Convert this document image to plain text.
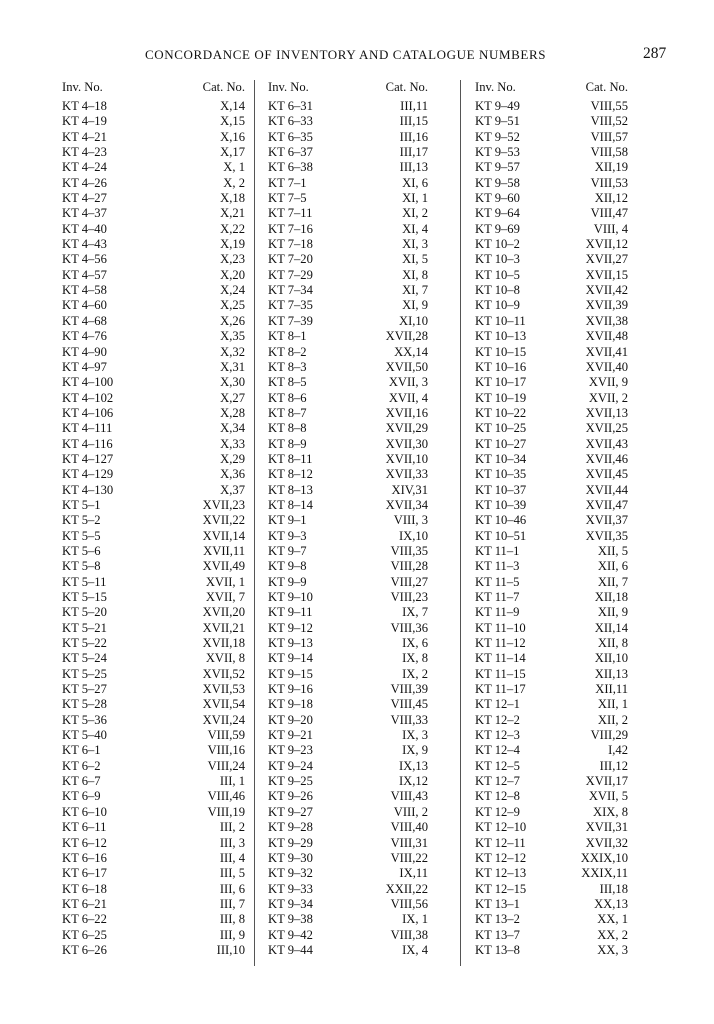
CONCORDANCE OF INVENTORY AND CATALOGUE NUMBERS	287
Inv. No.	Cat. No.
KT 4–18	X,14
KT 4–19	X,15
KT 4–21	X,16
KT 4–23	X,17
KT 4–24	X, 1
KT 4–26	X, 2
KT 4–27	X,18
KT 4–37	X,21
KT 4–40	X,22
KT 4–43	X,19
KT 4–56	X,23
KT 4–57	X,20
KT 4–58	X,24
KT 4–60	X,25
KT 4–68	X,26
KT 4–76	X,35
KT 4–90	X,32
KT 4–97	X,31
KT 4–100	X,30
KT 4–102	X,27
KT 4–106	X,28
KT 4–111	X,34
KT 4–116	X,33
KT 4–127	X,29
KT 4–129	X,36
KT 4–130	X,37
KT 5–1	XVII,23
KT 5–2	XVII,22
KT 5–5	XVII,14
KT 5–6	XVII,11
KT 5–8	XVII,49
KT 5–11	XVII, 1
KT 5–15	XVII, 7
KT 5–20	XVII,20
KT 5–21	XVII,21
KT 5–22	XVII,18
KT 5–24	XVII, 8
KT 5–25	XVII,52
KT 5–27	XVII,53
KT 5–28	XVII,54
KT 5–36	XVII,24
KT 5–40	VIII,59
KT 6–1	VIII,16
KT 6–2	VIII,24
KT 6–7	III, 1
KT 6–9	VIII,46
KT 6–10	VIII,19
KT 6–11	III, 2
KT 6–12	III, 3
KT 6–16	III, 4
KT 6–17	III, 5
KT 6–18	III, 6
KT 6–21	III, 7
KT 6–22	III, 8
KT 6–25	III, 9
KT 6–26	III,10
Inv. No.	Cat. No.
KT 6–31	III,11
KT 6–33	III,15
KT 6–35	III,16
KT 6–37	III,17
KT 6–38	III,13
KT 7–1	XI, 6
KT 7–5	XI, 1
KT 7–11	XI, 2
KT 7–16	XI, 4
KT 7–18	XI, 3
KT 7–20	XI, 5
KT 7–29	XI, 8
KT 7–34	XI, 7
KT 7–35	XI, 9
KT 7–39	XI,10
KT 8–1	XVII,28
KT 8–2	XX,14
KT 8–3	XVII,50
KT 8–5	XVII, 3
KT 8–6	XVII, 4
KT 8–7	XVII,16
KT 8–8	XVII,29
KT 8–9	XVII,30
KT 8–11	XVII,10
KT 8–12	XVII,33
KT 8–13	XIV,31
KT 8–14	XVII,34
KT 9–1	VIII, 3
KT 9–3	IX,10
KT 9–7	VIII,35
KT 9–8	VIII,28
KT 9–9	VIII,27
KT 9–10	VIII,23
KT 9–11	IX, 7
KT 9–12	VIII,36
KT 9–13	IX, 6
KT 9–14	IX, 8
KT 9–15	IX, 2
KT 9–16	VIII,39
KT 9–18	VIII,45
KT 9–20	VIII,33
KT 9–21	IX, 3
KT 9–23	IX, 9
KT 9–24	IX,13
KT 9–25	IX,12
KT 9–26	VIII,43
KT 9–27	VIII, 2
KT 9–28	VIII,40
KT 9–29	VIII,31
KT 9–30	VIII,22
KT 9–32	IX,11
KT 9–33	XXII,22
KT 9–34	VIII,56
KT 9–38	IX, 1
KT 9–42	VIII,38
KT 9–44	IX, 4
Inv. No.	Cat. No.
KT 9–49	VIII,55
KT 9–51	VIII,52
KT 9–52	VIII,57
KT 9–53	VIII,58
KT 9–57	XII,19
KT 9–58	VIII,53
KT 9–60	XII,12
KT 9–64	VIII,47
KT 9–69	VIII, 4
KT 10–2	XVII,12
KT 10–3	XVII,27
KT 10–5	XVII,15
KT 10–8	XVII,42
KT 10–9	XVII,39
KT 10–11	XVII,38
KT 10–13	XVII,48
KT 10–15	XVII,41
KT 10–16	XVII,40
KT 10–17	XVII, 9
KT 10–19	XVII, 2
KT 10–22	XVII,13
KT 10–25	XVII,25
KT 10–27	XVII,43
KT 10–34	XVII,46
KT 10–35	XVII,45
KT 10–37	XVII,44
KT 10–39	XVII,47
KT 10–46	XVII,37
KT 10–51	XVII,35
KT 11–1	XII, 5
KT 11–3	XII, 6
KT 11–5	XII, 7
KT 11–7	XII,18
KT 11–9	XII, 9
KT 11–10	XII,14
KT 11–12	XII, 8
KT 11–14	XII,10
KT 11–15	XII,13
KT 11–17	XII,11
KT 12–1	XII, 1
KT 12–2	XII, 2
KT 12–3	VIII,29
KT 12–4	I,42
KT 12–5	III,12
KT 12–7	XVII,17
KT 12–8	XVII, 5
KT 12–9	XIX, 8
KT 12–10	XVII,31
KT 12–11	XVII,32
KT 12–12	XXIX,10
KT 12–13	XXIX,11
KT 12–15	III,18
KT 13–1	XX,13
KT 13–2	XX, 1
KT 13–7	XX, 2
KT 13–8	XX, 3
